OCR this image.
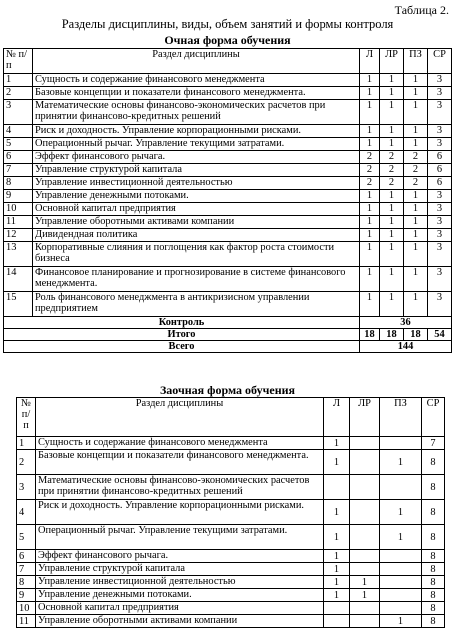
Таблица 2.
Разделы дисциплины, виды, объем занятий и формы контроля
Очная форма обучения
№ п/п	Раздел дисциплины	Л	ЛР	ПЗ	СР
1	Сущность и содержание финансового менеджмента	1	1	1	3
2	Базовые концепции и показатели финансового менеджмента.	1	1	1	3
3	Математические основы финансово-экономических расчетов при принятии финансово-кредитных решений	1	1	1	3
4	Риск и доходность. Управление корпорационными рисками.	1	1	1	3
5	Операционный рычаг. Управление текущими затратами.	1	1	1	3
6	Эффект финансового рычага.	2	2	2	6
7	Управление структурой капитала	2	2	2	6
8	Управление инвестиционной деятельностью	2	2	2	6
9	Управление денежными потоками.	1	1	1	3
10	Основной капитал предприятия	1	1	1	3
11	Управление оборотными активами компании	1	1	1	3
12	Дивидендная политика	1	1	1	3
13	Корпоративные слияния и поглощения как фактор роста стоимости бизнеса	1	1	1	3
14	Финансовое планирование и прогнозирование в системе финансового менеджмента.	1	1	1	3
15	Роль финансового менеджмента в антикризисном управлении предприятием	1	1	1	3
Контроль		36			
Итого		18	18	18	54
Всего		144			
Заочная форма обучения
№ п/ п	Раздел дисциплины	Л	ЛР	ПЗ	СР
1	Сущность и содержание финансового менеджмента	1			7
2	Базовые концепции и показатели финансового менеджмента.	1		1	8
3	Математические основы финансово-экономических расчетов при принятии финансово-кредитных решений				8
4	Риск и доходность. Управление корпорационными рисками.	1		1	8
5	Операционный рычаг. Управление текущими затратами.	1		1	8
6	Эффект финансового рычага.	1			8
7	Управление структурой капитала	1			8
8	Управление инвестиционной деятельностью	1	1		8
9	Управление денежными потоками.	1	1		8
10	Основной капитал предприятия				8
11	Управление оборотными активами компании			1	8
